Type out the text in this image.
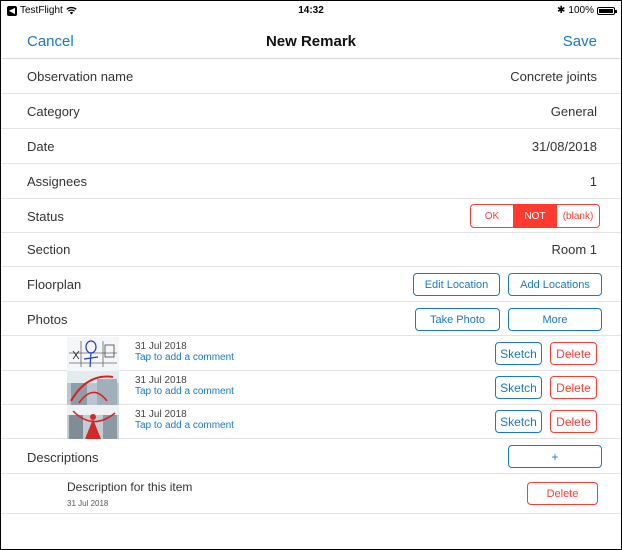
◀ TestFlight	14:32	✱ 100%
Cancel	New Remark	Save
Observation name	Concrete joints
Category	General
Date	31/08/2018
Assignees	1
Status	OK	NOT	(blank)
Section	Room 1
Floorplan	Edit Location	Add Locations
Photos	Take Photo	More
31 Jul 2018
Tap to add a comment	Sketch	Delete
31 Jul 2018
Tap to add a comment	Sketch	Delete
31 Jul 2018
Tap to add a comment	Sketch	Delete
Descriptions	+
Description for this item
31 Jul 2018
Delete
